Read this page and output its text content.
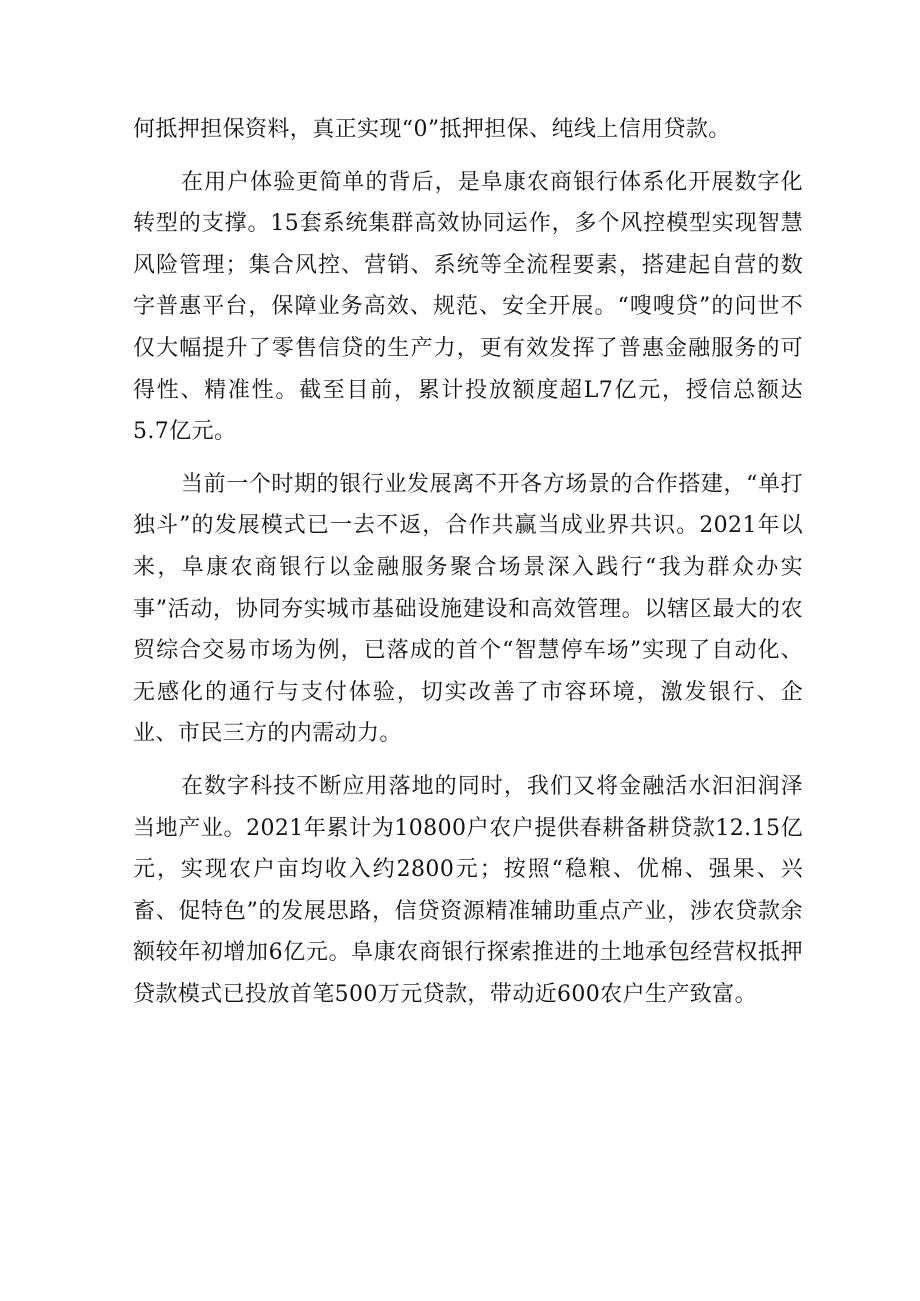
何抵押担保资料，真正实现“0”抵押担保、纯线上信用贷款。

在用户体验更简单的背后，是阜康农商银行体系化开展数字化转型的支撑。15套系统集群高效协同运作，多个风控模型实现智慧风险管理；集合风控、营销、系统等全流程要素，搭建起自营的数字普惠平台，保障业务高效、规范、安全开展。“嗖嗖贷”的问世不仅大幅提升了零售信贷的生产力，更有效发挥了普惠金融服务的可得性、精准性。截至目前，累计投放额度超L7亿元，授信总额达5.7亿元。

当前一个时期的银行业发展离不开各方场景的合作搭建，“单打独斗”的发展模式已一去不返，合作共赢当成业界共识。2021年以来，阜康农商银行以金融服务聚合场景深入践行“我为群众办实事”活动，协同夯实城市基础设施建设和高效管理。以辖区最大的农贸综合交易市场为例，已落成的首个“智慧停车场”实现了自动化、无感化的通行与支付体验，切实改善了市容环境，激发银行、企业、市民三方的内需动力。

在数字科技不断应用落地的同时，我们又将金融活水汩汩润泽当地产业。2021年累计为10800户农户提供春耕备耕贷款12.15亿元，实现农户亩均收入约2800元；按照“稳粮、优棉、强果、兴畜、促特色”的发展思路，信贷资源精准辅助重点产业，涉农贷款余额较年初增加6亿元。阜康农商银行探索推进的土地承包经营权抵押贷款模式已投放首笔500万元贷款，带动近600农户生产致富。
